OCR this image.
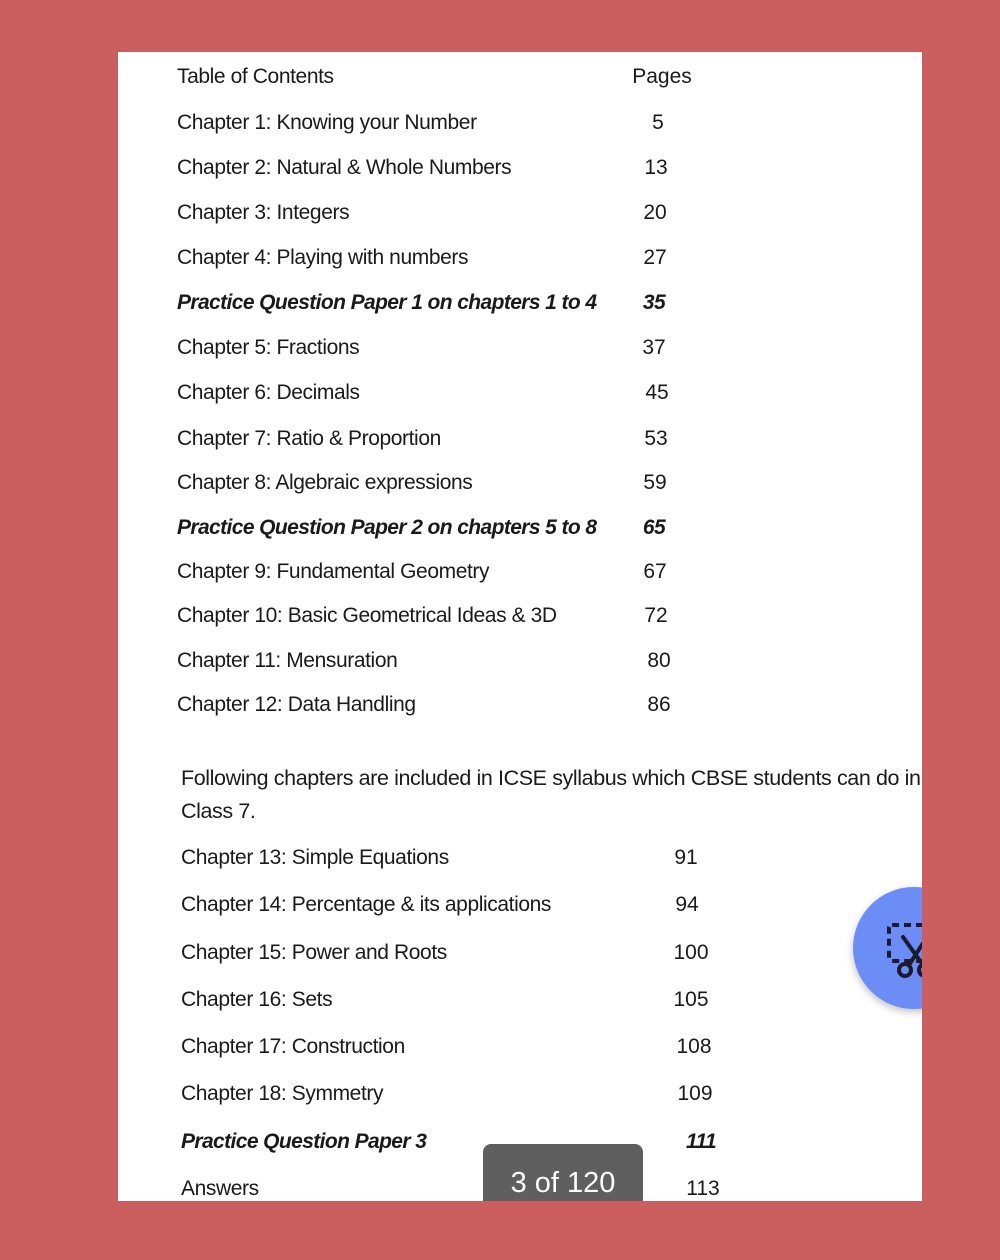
Table of Contents	Pages
Chapter 1: Knowing your Number	5
Chapter 2: Natural & Whole Numbers	13
Chapter 3: Integers	20
Chapter 4: Playing with numbers	27
Practice Question Paper 1 on chapters 1 to 4	35
Chapter 5: Fractions	37
Chapter 6: Decimals	45
Chapter 7: Ratio & Proportion	53
Chapter 8: Algebraic expressions	59
Practice Question Paper 2 on chapters 5 to 8	65
Chapter 9: Fundamental Geometry	67
Chapter 10: Basic Geometrical Ideas & 3D	72
Chapter 11: Mensuration	80
Chapter 12: Data Handling	86
Following chapters are included in ICSE syllabus which CBSE students can do in
Class 7.
Chapter 13: Simple Equations	91
Chapter 14: Percentage & its applications	94
Chapter 15: Power and Roots	100
Chapter 16: Sets	105
Chapter 17: Construction	108
Chapter 18: Symmetry	109
Practice Question Paper 3	111
Answers	113
3 of 120
